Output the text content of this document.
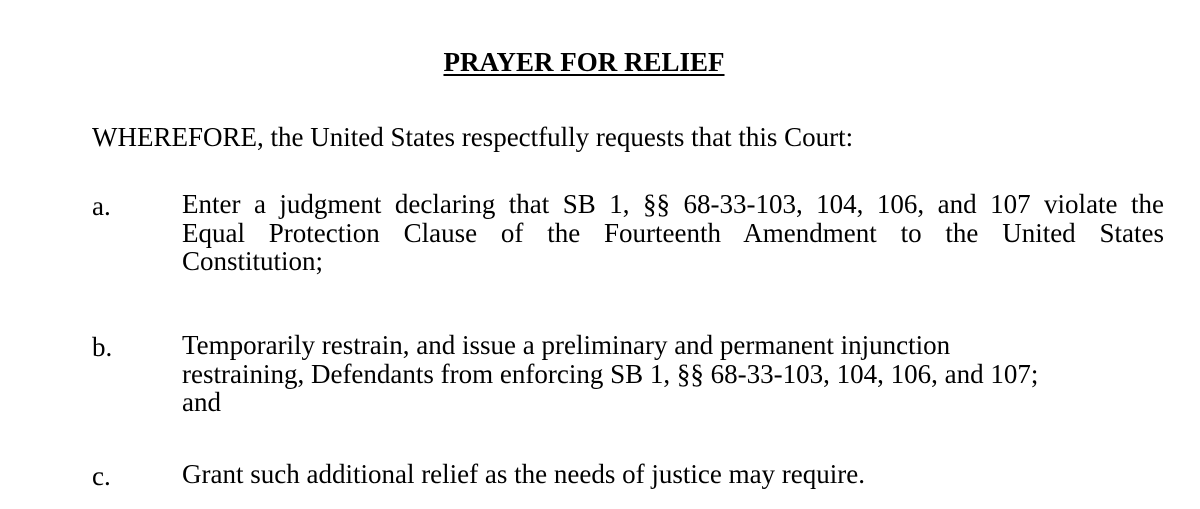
PRAYER FOR RELIEF
WHEREFORE, the United States respectfully requests that this Court:
a.	Enter a judgment declaring that SB 1, §§ 68-33-103, 104, 106, and 107 violate the
Equal Protection Clause of the Fourteenth Amendment to the United States
Constitution;
b.	Temporarily restrain, and issue a preliminary and permanent injunction
restraining, Defendants from enforcing SB 1, §§ 68-33-103, 104, 106, and 107;
and
c.	Grant such additional relief as the needs of justice may require.
